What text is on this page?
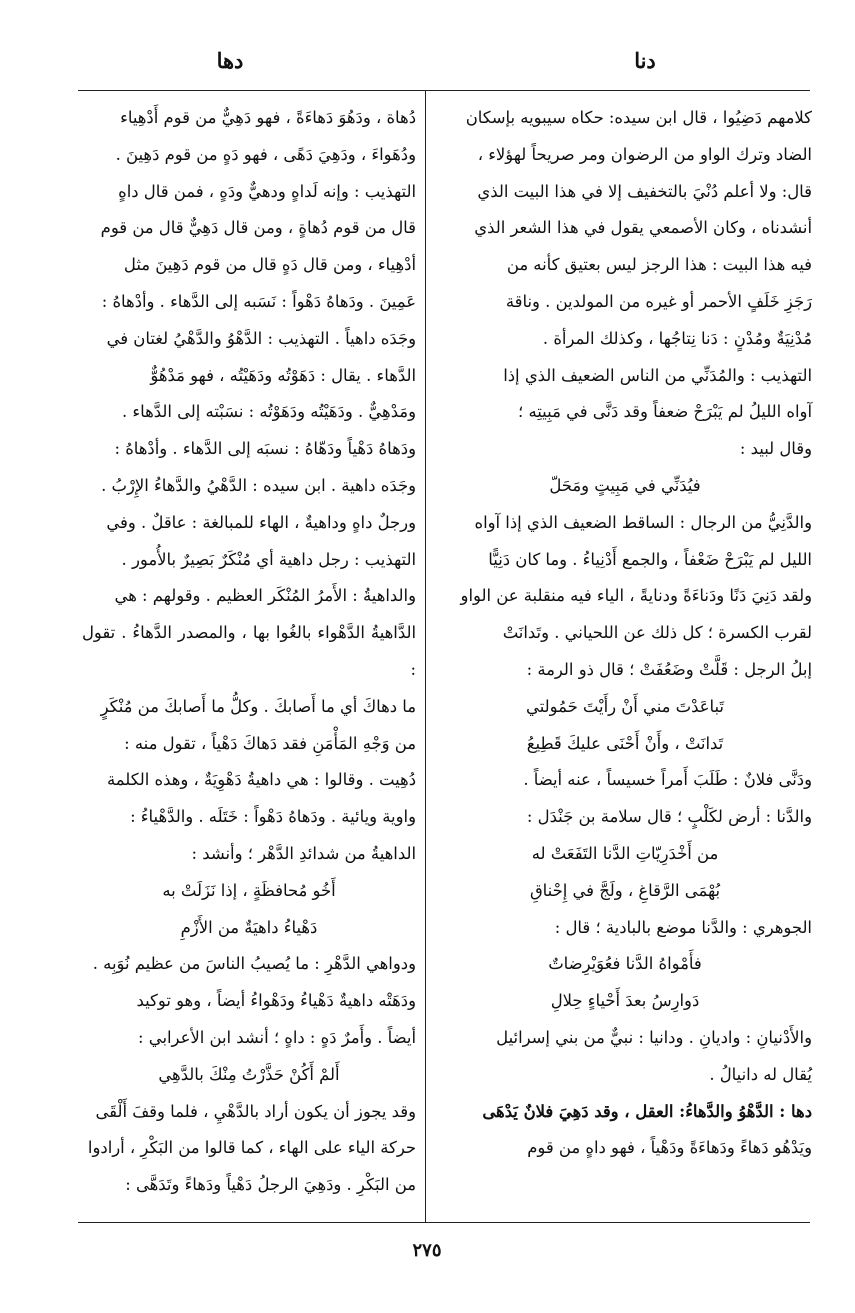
دنا
دها

كلامهم دَضِيُوا ، قال ابن سيده: حكاه سيبويه بإسكان

الضاد وترك الواو من الرضوان ومر صريحاً لهؤلاء ،

قال: ولا أعلم دُنْيَ بالتخفيف إلا في هذا البيت الذي

أنشدناه ، وكان الأصمعي يقول في هذا الشعر الذي

فيه هذا البيت : هذا الرجز ليس بعتيق كأنه من

رَجَزِ خَلَفٍ الأحمر أو غيره من المولدين . وناقة

مُدْنِيَةٌ ومُدْنٍ : دَنا نِتاجُها ، وكذلك المرأة .

التهذيب : والمُدَنِّي من الناس الضعيف الذي إذا

آواه الليلُ لم يَبْرَحْ ضعفاً وقد دَنَّى في مَبِيتِه ؛

وقال لبيد :

فيُدَنِّي في مَبِيتٍ ومَحَلّ

والدَّنِيُّ من الرجال : الساقط الضعيف الذي إذا آواه

الليل لم يَبْرَحْ ضَعْفاً ، والجمع أَدْنِياءُ . وما كان دَنِيًّا

ولقد دَنِيَ دَنًا ودَناءَةً ودنايةً ، الياء فيه منقلبة عن الواو

لقرب الكسرة ؛ كل ذلك عن اللحياني . وتَدانَتْ

إبلُ الرجل : قَلَّتْ وضَعُفَتْ ؛ قال ذو الرمة :

تَباعَدْتَ مني أَنْ رأَيْتَ حَمُولتي

تَدانَتْ ، وأَنْ أَحْنَى عليكَ قَطِيعُ

ودَنَّى فلانٌ : طَلَبَ أَمراً خسيساً ، عنه أيضاً .

والدَّنا : أرض لكَلْبٍ ؛ قال سلامة بن جَنْدَل :

من أَخْدَرِيّاتِ الدَّنا التَفَعَتْ له

بُهْمَى الرَّقاغِ ، ولَجَّ في إِحْناقِ

الجوهري : والدَّنا موضع بالبادية ؛ قال :

فأَمْواهُ الدَّنا فعُوَيْرِضاتٌ

دَوارِسُ بعدَ أَحْياءٍ حِلالِ

والأَدْنيانِ : واديانِ . ودانيا : نبيٌّ من بني إسرائيل

يُقال له دانيالُ .

دها : الدَّهْوُ والدَّهاءُ: العقل ، وقد دَهِيَ فلانٌ يَدْهَى

ويَدْهُو دَهاءً ودَهاءَةً ودَهْياً ، فهو داهٍ من قوم

دُهاة ، ودَهُوَ دَهاءَةً ، فهو دَهِيٌّ من قوم أَدْهِياء

ودُهَواءَ ، ودَهِيَ دَهًى ، فهو دَهٍ من قوم دَهِينَ .

التهذيب : وإنه لَداهٍ ودهيٌّ ودَهٍ ، فمن قال داهٍ

قال من قوم دُهاةٍ ، ومن قال دَهِيٌّ قال من قوم

أدْهِياء ، ومن قال دَهٍ قال من قوم دَهِينَ مثل

عَمِينَ . ودَهاهُ دَهْواً : نَسَبه إلى الدَّهاء . وأدْهاهُ :

وجَدَه داهياً . التهذيب : الدَّهْوُ والدَّهْيُ لغتان في

الدَّهاء . يقال : دَهَوْتُه ودَهَيْتُه ، فهو مَدْهُوٌّ

ومَدْهِيٌّ . ودَهَيْتُه ودَهَوْتُه : نسَبْته إلى الدَّهاء .

ودَهاهُ دَهْياً ودَهّاهُ : نسبَه إلى الدَّهاء . وأدْهاهُ :

وجَدَه داهية . ابن سيده : الدَّهْيُ والدَّهاءُ الإِرْبُ .

ورجلٌ داهٍ وداهيةٌ ، الهاء للمبالغة : عاقلٌ . وفي

التهذيب : رجل داهية أي مُنْكَرٌ بَصِيرٌ بالأُمور .

والداهيةُ : الأَمرُ المُنْكَر العظيم . وقولهم : هي

الدَّاهيةُ الدَّهْواء بالغُوا بها ، والمصدر الدَّهاءُ . تقول :

ما دهاكَ أي ما أَصابكَ . وكلُّ ما أَصابكَ من مُنْكَرٍ

من وَجْهِ المَأْمَنِ فقد دَهاكَ دَهْياً ، تقول منه :

دُهِيت . وقالوا : هي داهيةُ دَهْوِيَةٌ ، وهذه الكلمة

واوية ويائية . ودَهاهُ دَهْواً : خَتَلَه . والدَّهْياءُ :

الداهيةُ من شدائدِ الدَّهْر ؛ وأنشد :

أَخُو مُحافظَةٍ ، إذا نَزَلَتْ به

دَهْياءُ داهيَةٌ من الأَزْمِ

ودواهي الدَّهْرِ : ما يُصيبُ الناسَ من عظيم نُوَبِه .

ودَهَتْه داهيةٌ دَهْياءُ ودَهْواءُ أيضاً ، وهو توكيد

أيضاً . وأَمرٌ دَهٍ : داهٍ ؛ أنشد ابن الأعرابي :

أَلمْ أَكُنْ حَذَّرْتُ مِنْكَ بالدَّهِي

وقد يجوز أن يكون أراد بالدَّهْيِ ، فلما وقفَ أَلْقَى

حركة الياء على الهاء ، كما قالوا من البَكْرِ ، أرادوا

من البَكْرِ . ودَهِيَ الرجلُ دَهْياً ودَهاءً وتَدَهَّى :

٢٧٥
